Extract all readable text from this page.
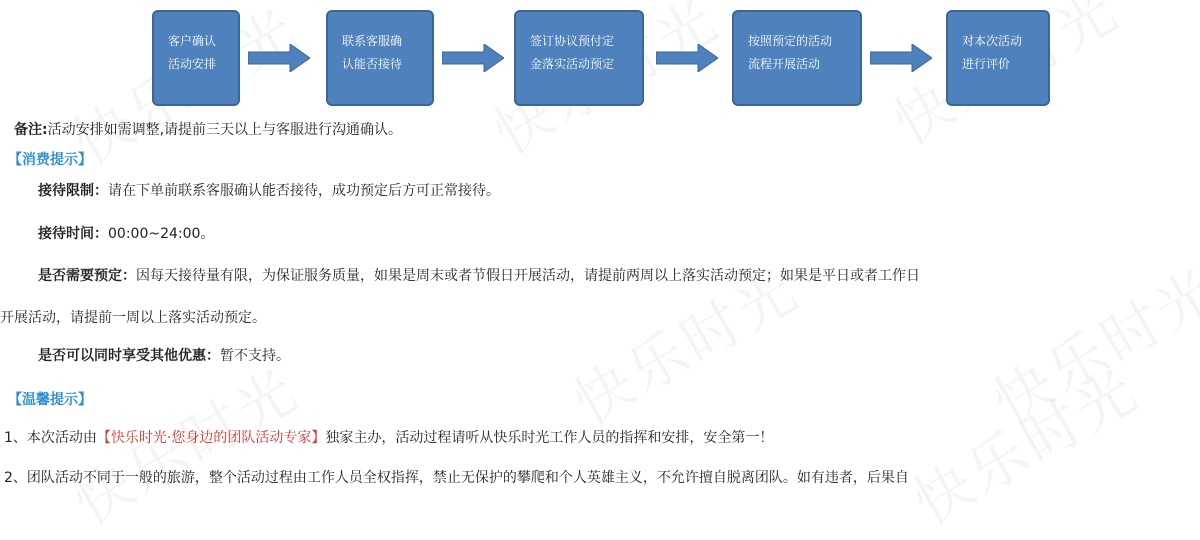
客户确认
活动安排
联系客服确
认能否接待
签订协议预付定
金落实活动预定
按照预定的活动
流程开展活动
对本次活动
进行评价
备注:活动安排如需调整,请提前三天以上与客服进行沟通确认。
【消费提示】
接待限制：请在下单前联系客服确认能否接待，成功预定后方可正常接待。
接待时间：00:00~24:00。
是否需要预定：因每天接待量有限，为保证服务质量，如果是周末或者节假日开展活动，请提前两周以上落实活动预定；如果是平日或者工作日
开展活动，请提前一周以上落实活动预定。
是否可以同时享受其他优惠：暂不支持。
【温馨提示】
1、本次活动由【快乐时光·您身边的团队活动专家】独家主办，活动过程请听从快乐时光工作人员的指挥和安排，安全第一！
2、团队活动不同于一般的旅游，整个活动过程由工作人员全权指挥，禁止无保护的攀爬和个人英雄主义，不允许擅自脱离团队。如有违者，后果自
